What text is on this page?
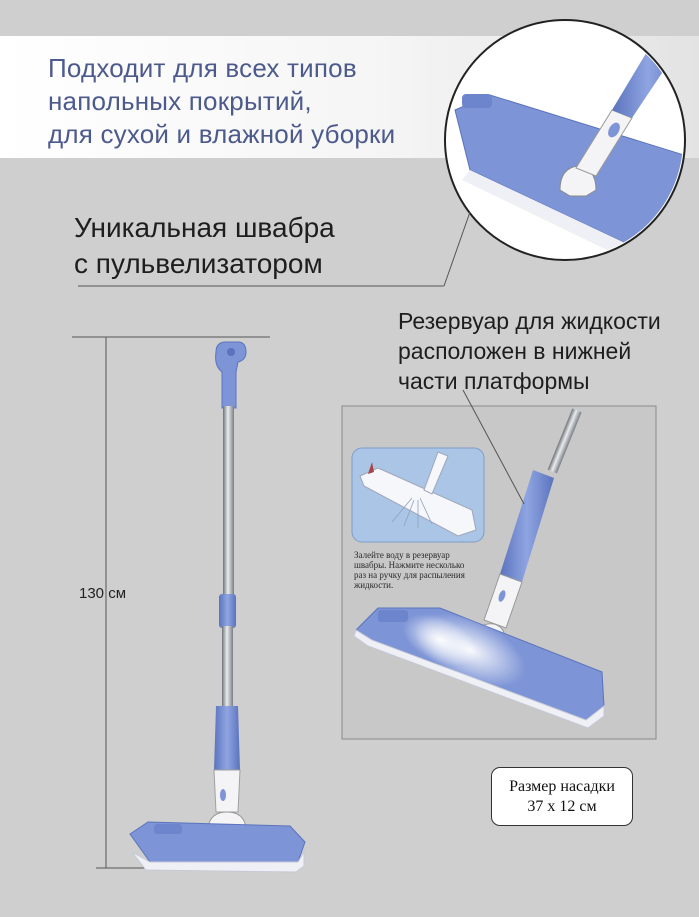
Подходит для всех типов
напольных покрытий,
для сухой и влажной уборки

Уникальная швабра
с пульвелизатором

Резервуар для жидкости
расположен в нижней
части платформы

Залейте воду в резервуар
швабры. Нажмите несколько
раз на ручку для распыления
жидкости.

130 см

Размер насадки
37 х 12 см
